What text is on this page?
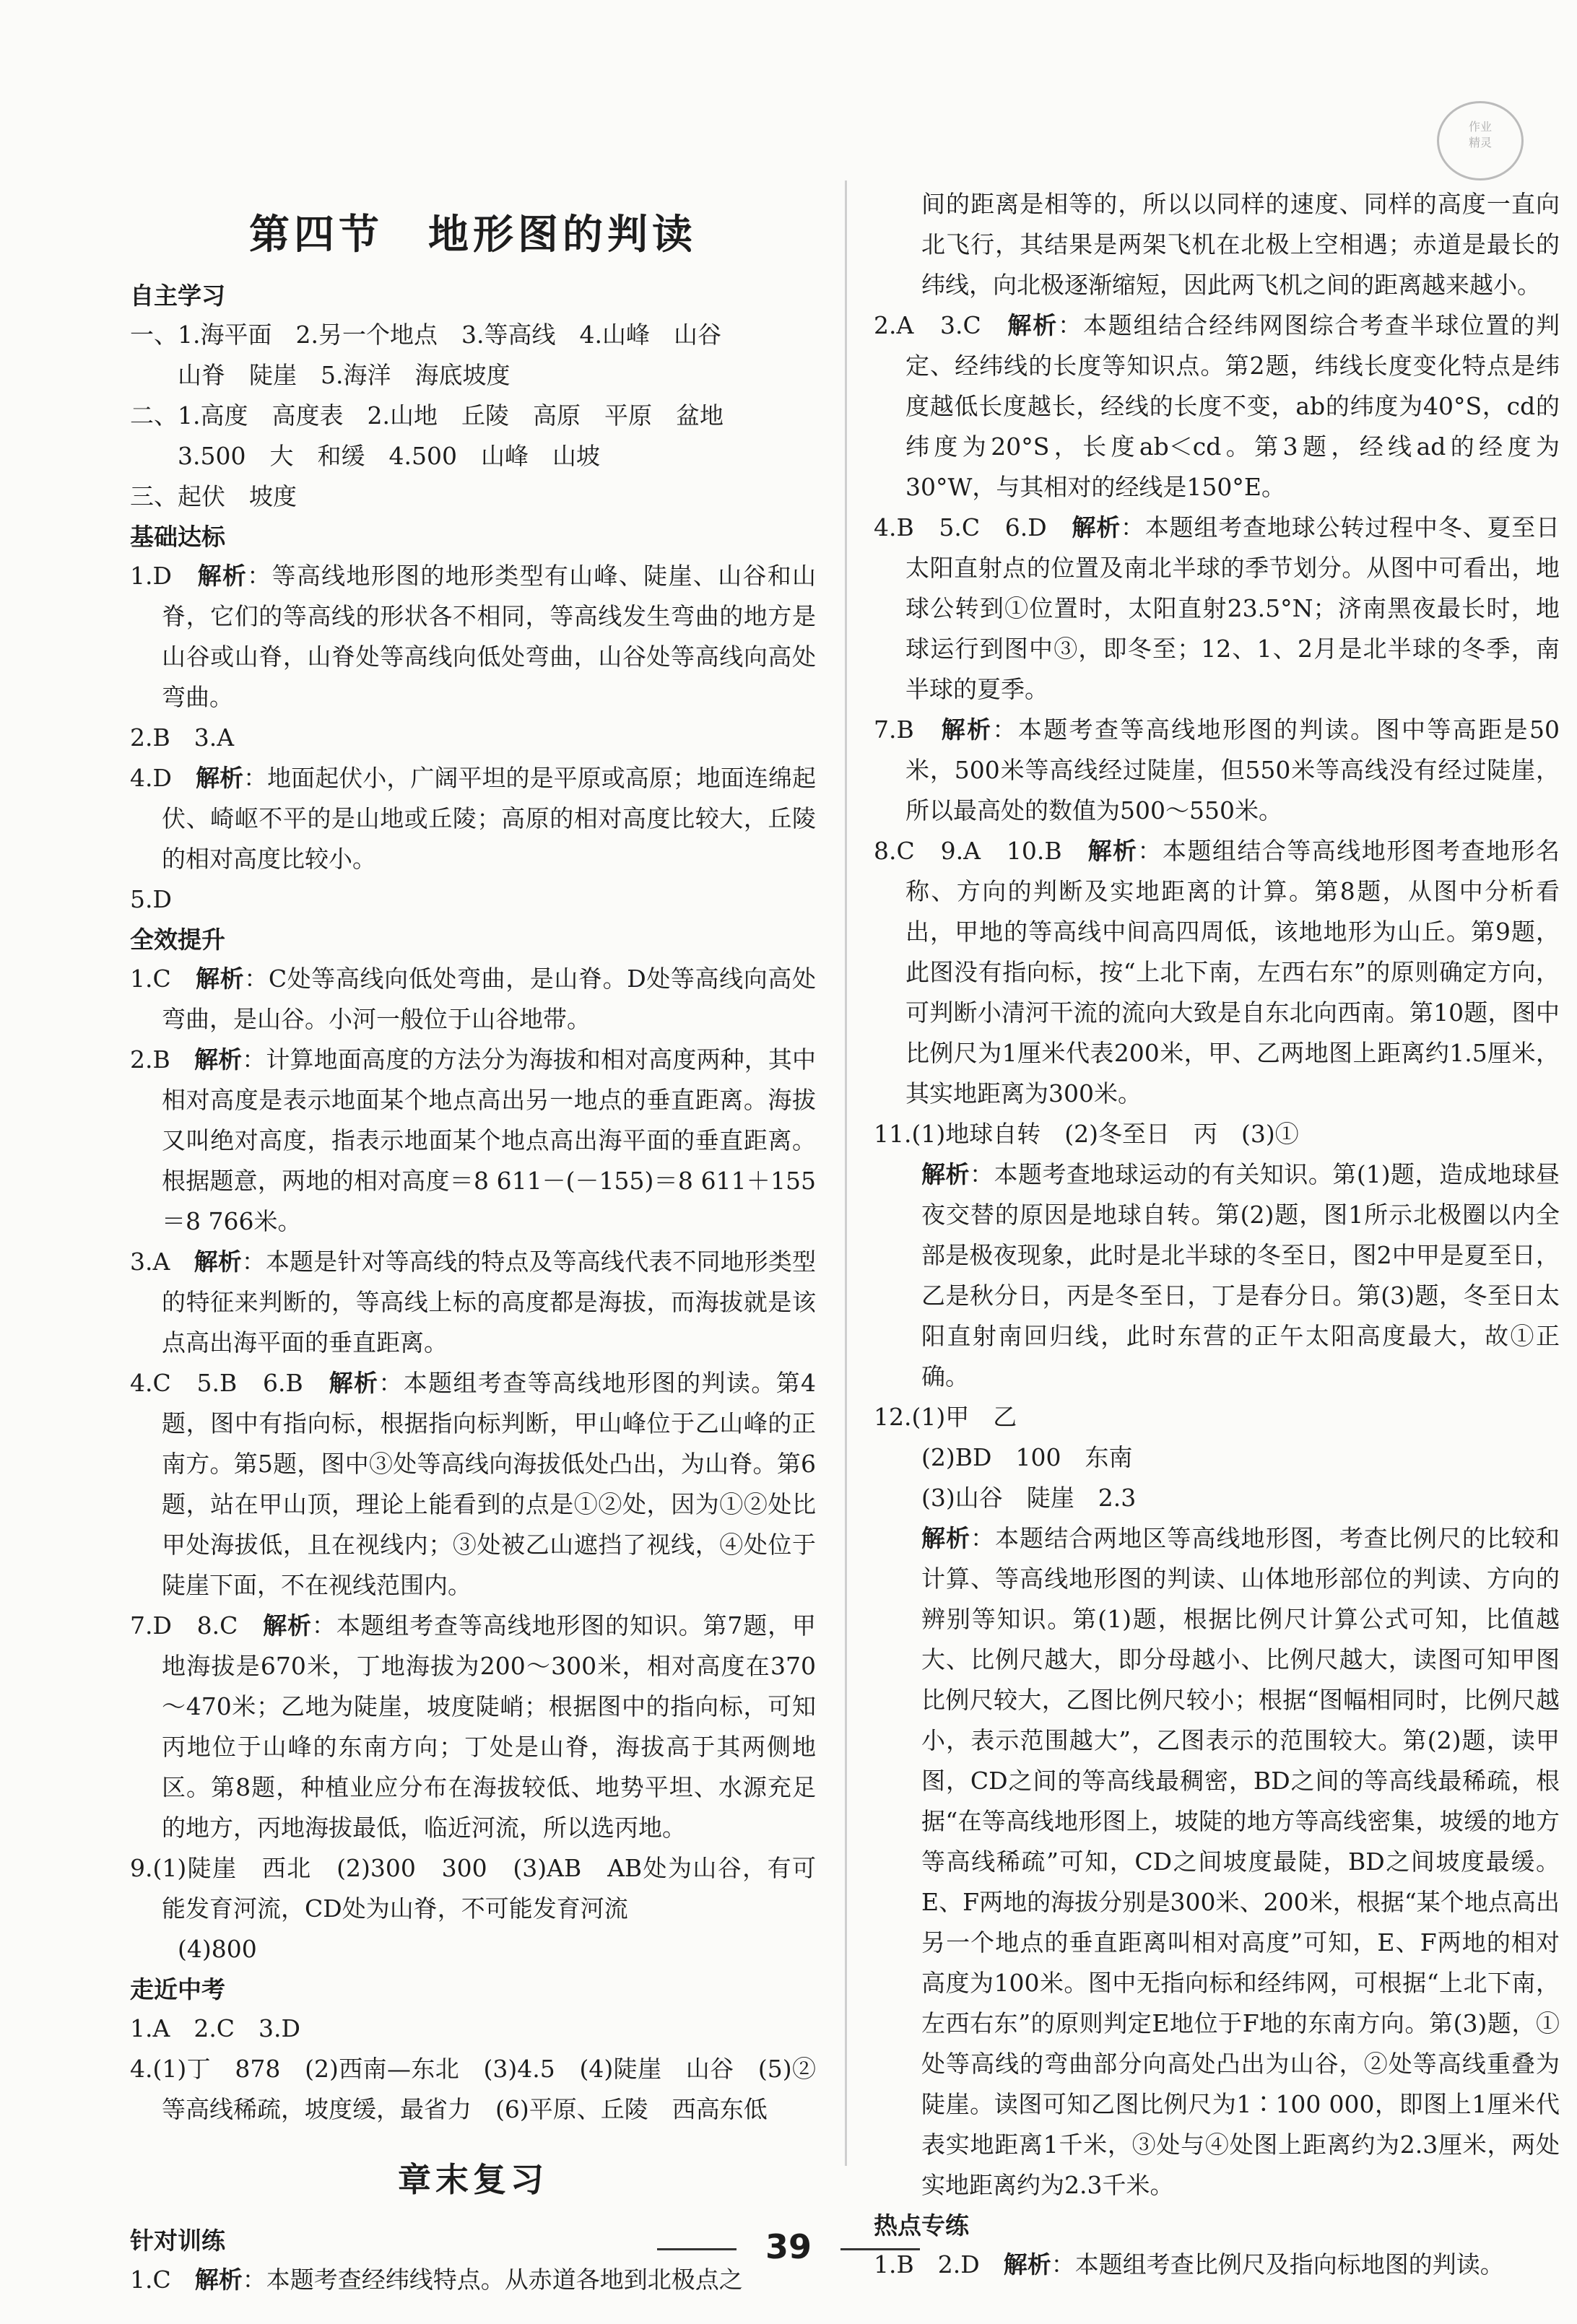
作业
精灵
第四节　地形图的判读
自主学习

一、1.海平面　2.另一个地点　3.等高线　4.山峰　山谷

山脊　陡崖　5.海洋　海底坡度

二、1.高度　高度表　2.山地　丘陵　高原　平原　盆地

3.500　大　和缓　4.500　山峰　山坡

三、起伏　坡度

基础达标

1.D　 解析：等高线地形图的地形类型有山峰、陡崖、山谷和山脊，它们的等高线的形状各不相同，等高线发生弯曲的地方是山谷或山脊，山脊处等高线向低处弯曲，山谷处等高线向高处弯曲。

2.B　3.A

4.D　 解析：地面起伏小，广阔平坦的是平原或高原；地面连绵起伏、崎岖不平的是山地或丘陵；高原的相对高度比较大，丘陵的相对高度比较小。

5.D

全效提升

1.C　 解析：C处等高线向低处弯曲，是山脊。D处等高线向高处弯曲，是山谷。小河一般位于山谷地带。

2.B　 解析：计算地面高度的方法分为海拔和相对高度两种，其中相对高度是表示地面某个地点高出另一地点的垂直距离。海拔又叫绝对高度，指表示地面某个地点高出海平面的垂直距离。根据题意，两地的相对高度＝8 611－(－155)＝8 611＋155＝8 766米。

3.A　 解析：本题是针对等高线的特点及等高线代表不同地形类型的特征来判断的，等高线上标的高度都是海拔，而海拔就是该点高出海平面的垂直距离。

4.C　5.B　6.B　 解析：本题组考查等高线地形图的判读。第4题，图中有指向标，根据指向标判断，甲山峰位于乙山峰的正南方。第5题，图中③处等高线向海拔低处凸出，为山脊。第6题，站在甲山顶，理论上能看到的点是①②处，因为①②处比甲处海拔低，且在视线内；③处被乙山遮挡了视线，④处位于陡崖下面，不在视线范围内。

7.D　8.C　 解析：本题组考查等高线地形图的知识。第7题，甲地海拔是670米，丁地海拔为200～300米，相对高度在370～470米；乙地为陡崖，坡度陡峭；根据图中的指向标，可知丙地位于山峰的东南方向；丁处是山脊，海拔高于其两侧地区。第8题，种植业应分布在海拔较低、地势平坦、水源充足的地方，丙地海拔最低，临近河流，所以选丙地。

9.(1)陡崖　西北　(2)300　300　(3)AB　AB处为山谷，有可能发育河流，CD处为山脊，不可能发育河流

(4)800

走近中考

1.A　2.C　3.D

4.(1)丁　878　(2)西南—东北　(3)4.5　(4)陡崖　山谷　(5)②　等高线稀疏，坡度缓，最省力　(6)平原、丘陵　西高东低

章末复习
针对训练

1.C　 解析：本题考查经纬线特点。从赤道各地到北极点之

间的距离是相等的，所以以同样的速度、同样的高度一直向北飞行，其结果是两架飞机在北极上空相遇；赤道是最长的纬线，向北极逐渐缩短，因此两飞机之间的距离越来越小。

2.A　3.C　 解析：本题组结合经纬网图综合考查半球位置的判定、经纬线的长度等知识点。第2题，纬线长度变化特点是纬度越低长度越长，经线的长度不变，ab的纬度为40°S，cd的纬度为20°S，长度ab＜cd。第3题，经线ad的经度为30°W，与其相对的经线是150°E。

4.B　5.C　6.D　 解析：本题组考查地球公转过程中冬、夏至日太阳直射点的位置及南北半球的季节划分。从图中可看出，地球公转到①位置时，太阳直射23.5°N；济南黑夜最长时，地球运行到图中③，即冬至；12、1、2月是北半球的冬季，南半球的夏季。

7.B　 解析：本题考查等高线地形图的判读。图中等高距是50米，500米等高线经过陡崖，但550米等高线没有经过陡崖，所以最高处的数值为500～550米。

8.C　9.A　10.B　 解析：本题组结合等高线地形图考查地形名称、方向的判断及实地距离的计算。第8题，从图中分析看出，甲地的等高线中间高四周低，该地地形为山丘。第9题，此图没有指向标，按“上北下南，左西右东”的原则确定方向，可判断小清河干流的流向大致是自东北向西南。第10题，图中比例尺为1厘米代表200米，甲、乙两地图上距离约1.5厘米，其实地距离为300米。

11.(1)地球自转　(2)冬至日　丙　(3)①

解析：本题考查地球运动的有关知识。第(1)题，造成地球昼夜交替的原因是地球自转。第(2)题，图1所示北极圈以内全部是极夜现象，此时是北半球的冬至日，图2中甲是夏至日，乙是秋分日，丙是冬至日，丁是春分日。第(3)题，冬至日太阳直射南回归线，此时东营的正午太阳高度最大，故①正确。

12.(1)甲　乙

(2)BD　100　东南

(3)山谷　陡崖　2.3

解析：本题结合两地区等高线地形图，考查比例尺的比较和计算、等高线地形图的判读、山体地形部位的判读、方向的辨别等知识。第(1)题，根据比例尺计算公式可知，比值越大、比例尺越大，即分母越小、比例尺越大，读图可知甲图比例尺较大，乙图比例尺较小；根据“图幅相同时，比例尺越小，表示范围越大”，乙图表示的范围较大。第(2)题，读甲图，CD之间的等高线最稠密，BD之间的等高线最稀疏，根据“在等高线地形图上，坡陡的地方等高线密集，坡缓的地方等高线稀疏”可知，CD之间坡度最陡，BD之间坡度最缓。E、F两地的海拔分别是300米、200米，根据“某个地点高出另一个地点的垂直距离叫相对高度”可知，E、F两地的相对高度为100米。图中无指向标和经纬网，可根据“上北下南，左西右东”的原则判定E地位于F地的东南方向。第(3)题，①处等高线的弯曲部分向高处凸出为山谷，②处等高线重叠为陡崖。读图可知乙图比例尺为1∶100 000，即图上1厘米代表实地距离1千米，③处与④处图上距离约为2.3厘米，两处实地距离约为2.3千米。

热点专练

1.B　2.D　 解析：本题组考查比例尺及指向标地图的判读。

39
